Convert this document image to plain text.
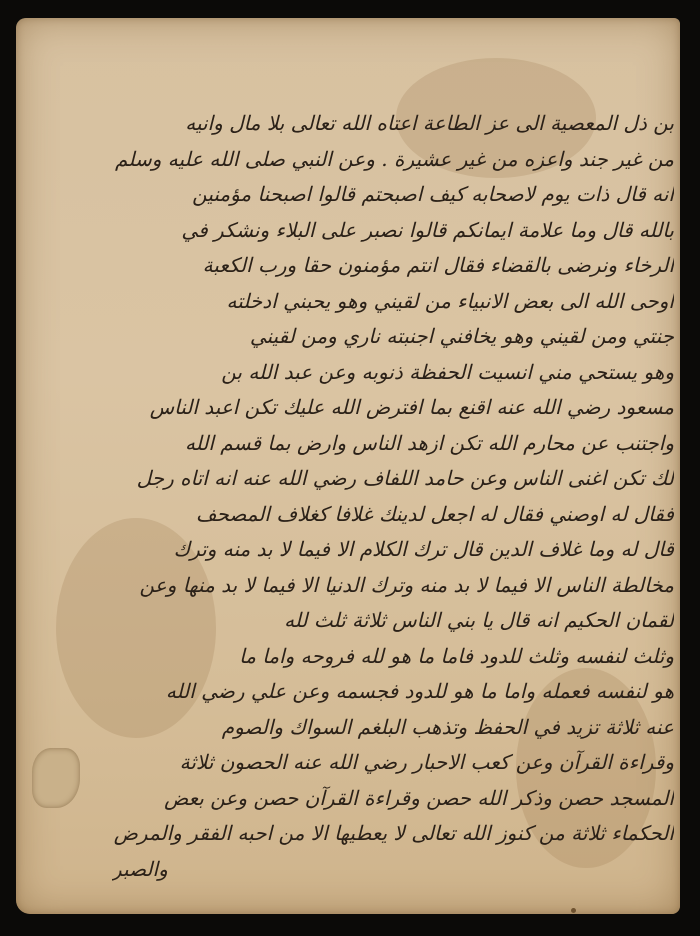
بن ذل المعصية الى عز الطاعة اعتاه الله تعالى بلا مال وانيه
من غير جند واعزه من غير عشيرة . وعن النبي صلى الله عليه وسلم
انه قال ذات يوم لاصحابه كيف اصبحتم قالوا اصبحنا مؤمنين
بالله قال وما علامة ايمانكم قالوا نصبر على البلاء ونشكر في
الرخاء ونرضى بالقضاء فقال انتم مؤمنون حقا ورب الكعبة
اوحى الله الى بعض الانبياء من لقيني وهو يحبني ادخلته
جنتي ومن لقيني وهو يخافني اجنبته ناري ومن لقيني
وهو يستحي مني انسيت الحفظة ذنوبه وعن عبد الله بن
مسعود رضي الله عنه اقنع بما افترض الله عليك تكن اعبد الناس
واجتنب عن محارم الله تكن ازهد الناس وارض بما قسم الله
لك تكن اغنى الناس وعن حامد اللفاف رضي الله عنه انه اتاه رجل
فقال له اوصني فقال له اجعل لدينك غلافا كغلاف المصحف
قال له وما غلاف الدين قال ترك الكلام الا فيما لا بد منه وترك
مخالطة الناس الا فيما لا بد منه وترك الدنيا الا فيما لا بد منها وعن
لقمان الحكيم انه قال يا بني الناس ثلاثة ثلث لله
وثلث لنفسه وثلث للدود فاما ما هو لله فروحه واما ما
هو لنفسه فعمله واما ما هو للدود فجسمه وعن علي رضي الله
عنه ثلاثة تزيد في الحفظ وتذهب البلغم السواك والصوم
وقراءة القرآن وعن كعب الاحبار رضي الله عنه الحصون ثلاثة
المسجد حصن وذكر الله حصن وقراءة القرآن حصن وعن بعض
الحكماء ثلاثة من كنوز الله تعالى لا يعطيها الا من احبه الفقر والمرض
والصبر
